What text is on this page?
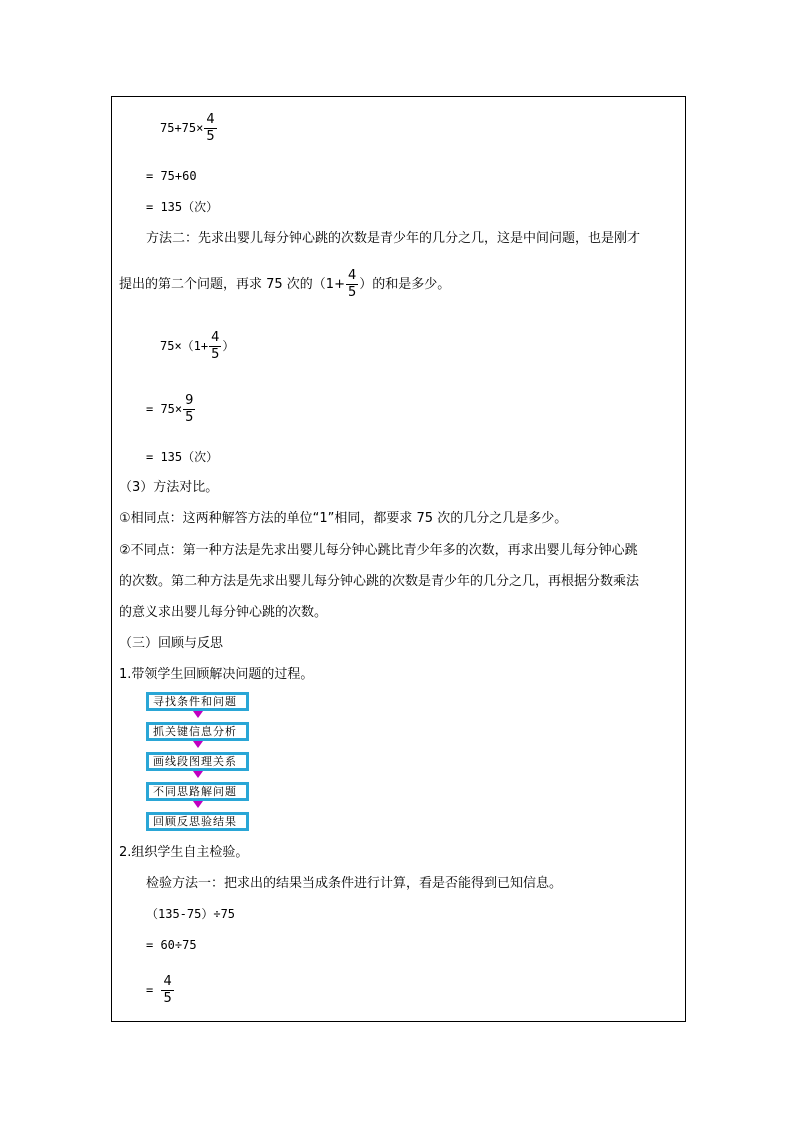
$75+75\times \frac{4}{5}$
= 75+60
= 135（次）
方法二：先求出婴儿每分钟心跳的次数是青少年的几分之几，这是中间问题，也是刚才
提出的第二个问题，再求 75 次的（$1+ \frac{4}{5}$ ）的和是多少。
$75\times(1+ \frac{4}{5}$ ）
= $75\times \frac{9}{5}$
= 135（次）
（3）方法对比。
①相同点：这两种解答方法的单位“1”相同，都要求 75 次的几分之几是多少。
②不同点：第一种方法是先求出婴儿每分钟心跳比青少年多的次数，再求出婴儿每分钟心跳
的次数。第二种方法是先求出婴儿每分钟心跳的次数是青少年的几分之几，再根据分数乘法
的意义求出婴儿每分钟心跳的次数。
（三）回顾与反思
1.带领学生回顾解决问题的过程。
寻找条件和问题
抓关键信息分析
画线段图理关系
不同思路解问题
回顾反思验结果
2.组织学生自主检验。
检验方法一：把求出的结果当成条件进行计算，看是否能得到已知信息。
（135-75）÷75
= 60÷75
= $\frac{4}{5}$
